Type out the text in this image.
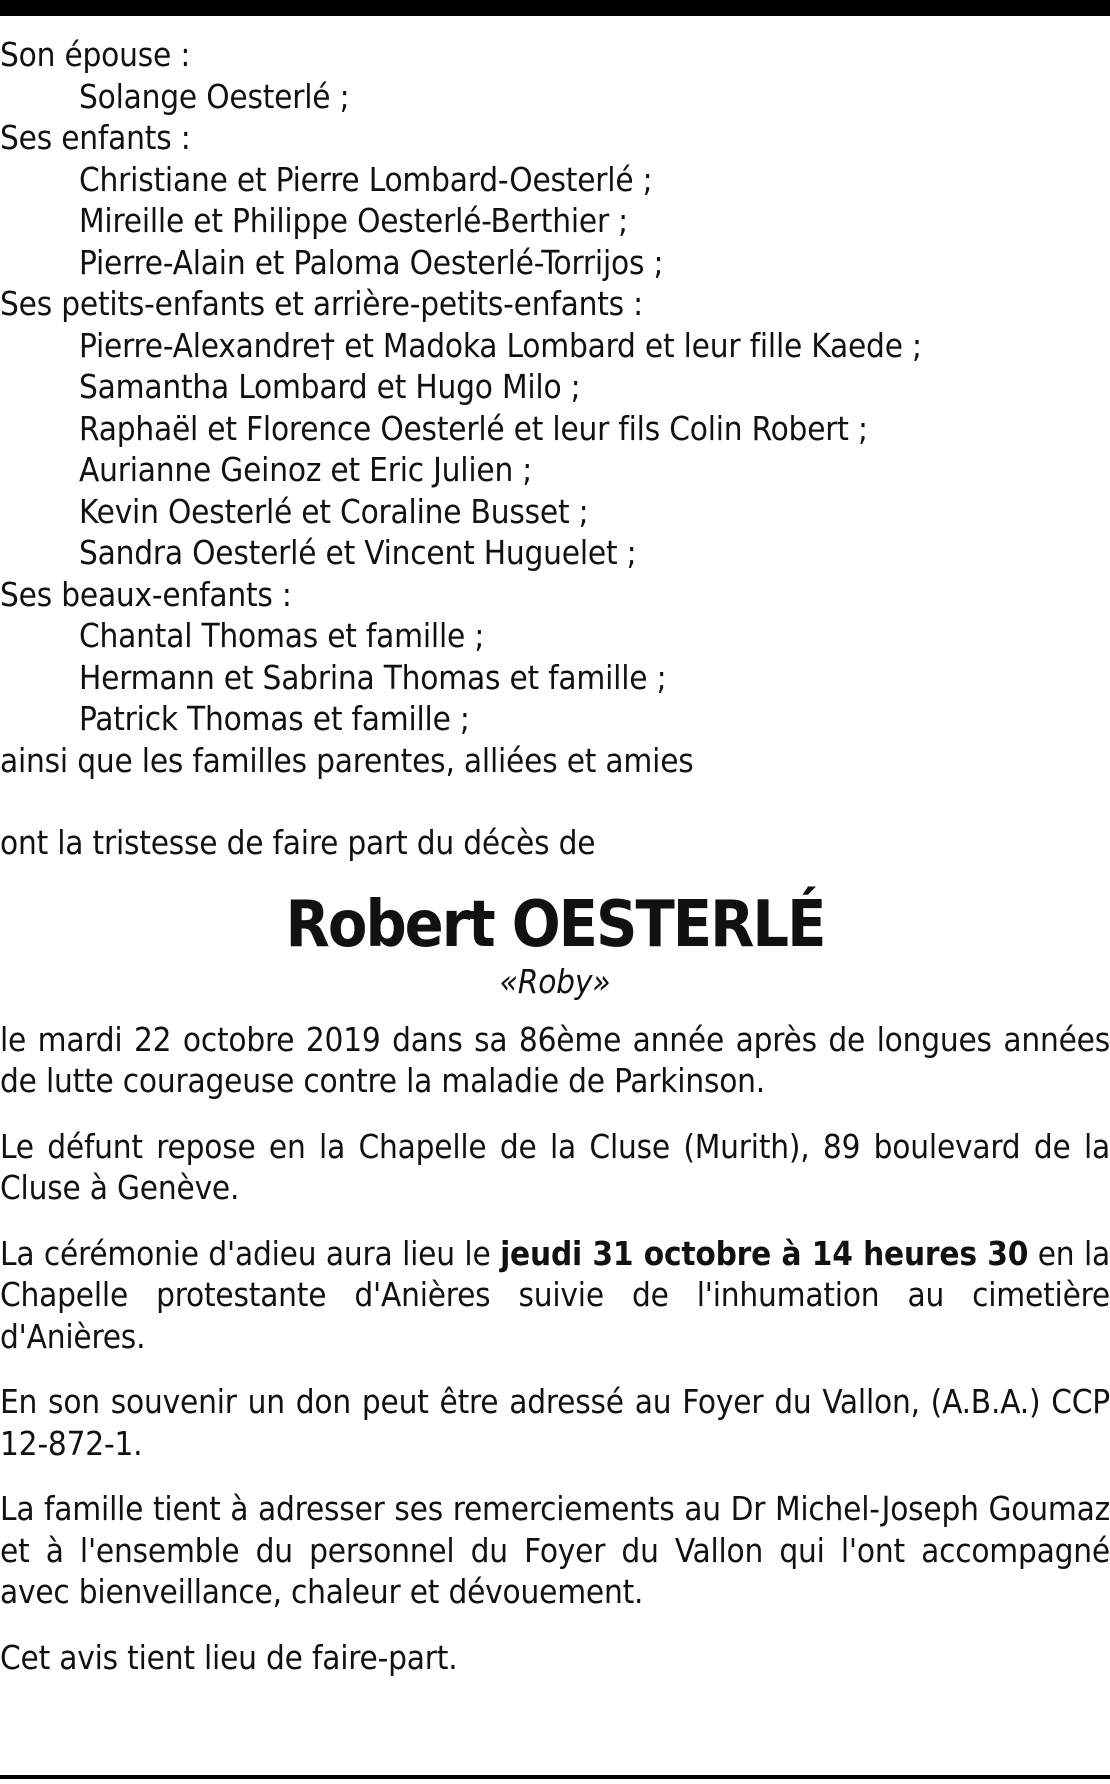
Son épouse :
Solange Oesterlé ;
Ses enfants :
Christiane et Pierre Lombard-Oesterlé ;
Mireille et Philippe Oesterlé-Berthier ;
Pierre-Alain et Paloma Oesterlé-Torrijos ;
Ses petits-enfants et arrière-petits-enfants :
Pierre-Alexandre† et Madoka Lombard et leur fille Kaede ;
Samantha Lombard et Hugo Milo ;
Raphaël et Florence Oesterlé et leur fils Colin Robert ;
Aurianne Geinoz et Eric Julien ;
Kevin Oesterlé et Coraline Busset ;
Sandra Oesterlé et Vincent Huguelet ;
Ses beaux-enfants :
Chantal Thomas et famille ;
Hermann et Sabrina Thomas et famille ;
Patrick Thomas et famille ;
ainsi que les familles parentes, alliées et amies
ont la tristesse de faire part du décès de
Robert OESTERLÉ
«Roby»

le mardi 22 octobre 2019 dans sa 86ème année après de longues années de lutte courageuse contre la maladie de Parkinson.

Le défunt repose en la Chapelle de la Cluse (Murith), 89 boulevard de la Cluse à Genève.

La cérémonie d'adieu aura lieu le jeudi 31 octobre à 14 heures 30 en la Chapelle protestante d'Anières suivie de l'inhumation au cimetière d'Anières.

En son souvenir un don peut être adressé au Foyer du Vallon, (A.B.A.) CCP 12-872-1.

La famille tient à adresser ses remerciements au Dr Michel-Joseph Goumaz et à l'ensemble du personnel du Foyer du Vallon qui l'ont accompagné avec bienveillance, chaleur et dévouement.

Cet avis tient lieu de faire-part.
